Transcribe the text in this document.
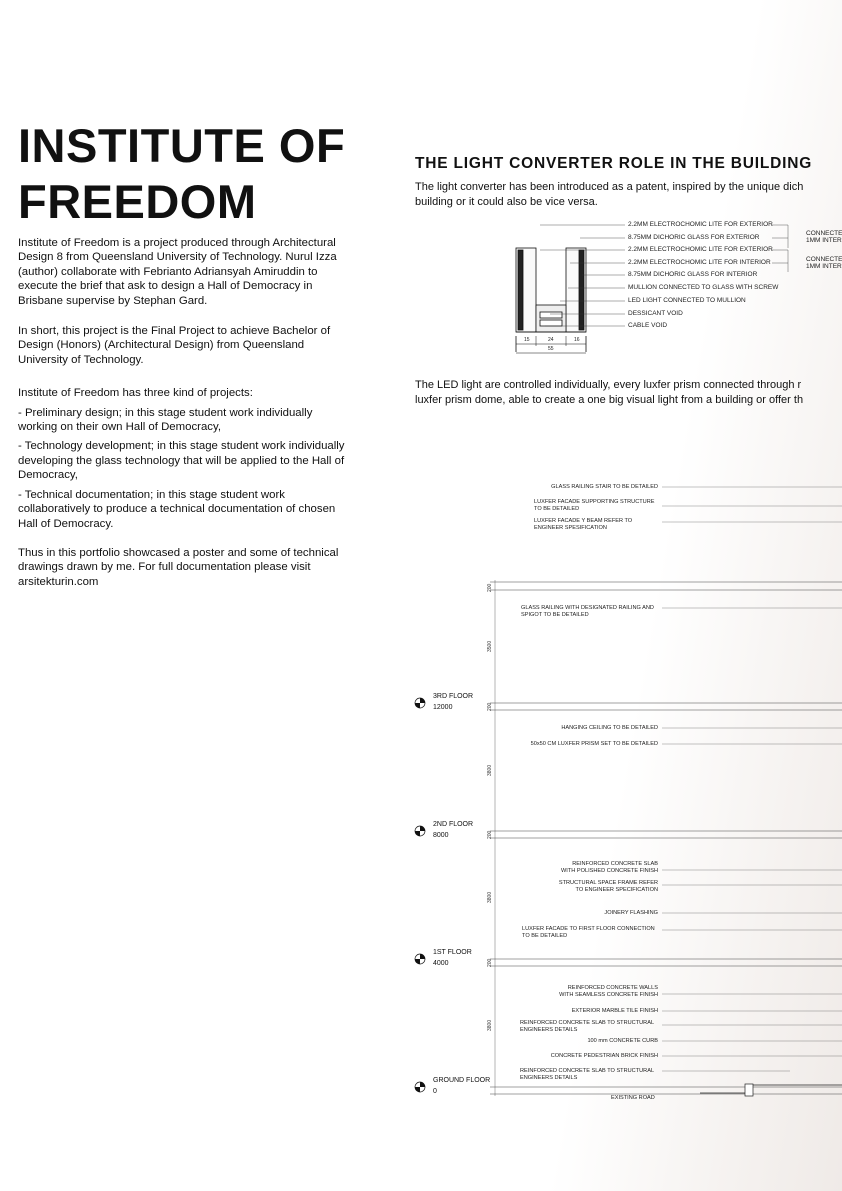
INSTITUTE OF
FREEDOM

Institute of Freedom is a project produced through Architectural Design 8 from Queensland University of Technology. Nurul Izza (author) collaborate with Febrianto Adriansyah Amiruddin to execute the brief that ask to design a Hall of Democracy in Brisbane supervise by Stephan Gard.

In short, this project is the Final Project to achieve Bachelor of Design (Honors) (Architectural Design) from Queensland University of Technology.

Institute of Freedom has three kind of projects:

- Preliminary design; in this stage student work individually working on their own Hall of Democracy,

- Technology development; in this stage student work individually developing the glass technology that will be applied to the Hall of Democracy,

- Technical documentation; in this stage student work collaboratively to produce a technical documentation of chosen Hall of Democracy.

Thus in this portfolio showcased a poster and some of technical drawings drawn by me. For full documentation please visit arsitekturin.com

THE LIGHT CONVERTER ROLE IN THE BUILDING
The light converter has been introduced as a patent, inspired by the unique dich
building or it could also be vice versa.
The LED light are controlled individually, every luxfer prism connected through r
luxfer prism dome, able to create a one big visual light from a building or offer th
2.2MM ELECTROCHOMIC LITE FOR EXTERIOR
8.75MM DICHORIC GLASS FOR EXTERIOR
2.2MM ELECTROCHOMIC LITE FOR EXTERIOR
2.2MM ELECTROCHOMIC LITE FOR INTERIOR
8.75MM DICHORIC GLASS FOR INTERIOR
MULLION CONNECTED TO GLASS WITH SCREW
LED LIGHT CONNECTED TO MULLION
DESSICANT VOID
CABLE VOID
CONNECTE
1MM INTER
CONNECTE
1MM INTER
15	24	16
55
GLASS RAILING STAIR TO BE DETAILED
LUXFER FACADE SUPPORTING STRUCTURE
TO BE DETAILED
LUXFER FACADE Y BEAM REFER TO
ENGINEER SPESIFICATION
GLASS RAILING WITH DESIGNATED RAILING AND
SPIGOT TO BE DETAILED
HANGING CEILING TO BE DETAILED
50x50 CM LUXFER PRISM SET TO BE DETAILED
REINFORCED CONCRETE SLAB
WITH POLISHED CONCRETE FINISH
STRUCTURAL SPACE FRAME REFER
TO ENGINEER SPECIFICATION
JOINERY FLASHING
LUXFER FACADE TO FIRST FLOOR CONNECTION
TO BE DETAILED
REINFORCED CONCRETE WALLS
WITH SEAMLESS CONCRETE FINISH
EXTERIOR MARBLE TILE FINISH
REINFORCED CONCRETE SLAB TO STRUCTURAL
ENGINEERS DETAILS
100 mm CONCRETE CURB
CONCRETE PEDESTRIAN BRICK FINISH
REINFORCED CONCRETE SLAB TO STRUCTURAL
ENGINEERS DETAILS
EXISTING ROAD
3RD FLOOR
12000
2ND FLOOR
8000
1ST FLOOR
4000
GROUND FLOOR
0
200
3500
200
3800
200
3800
200
3800
